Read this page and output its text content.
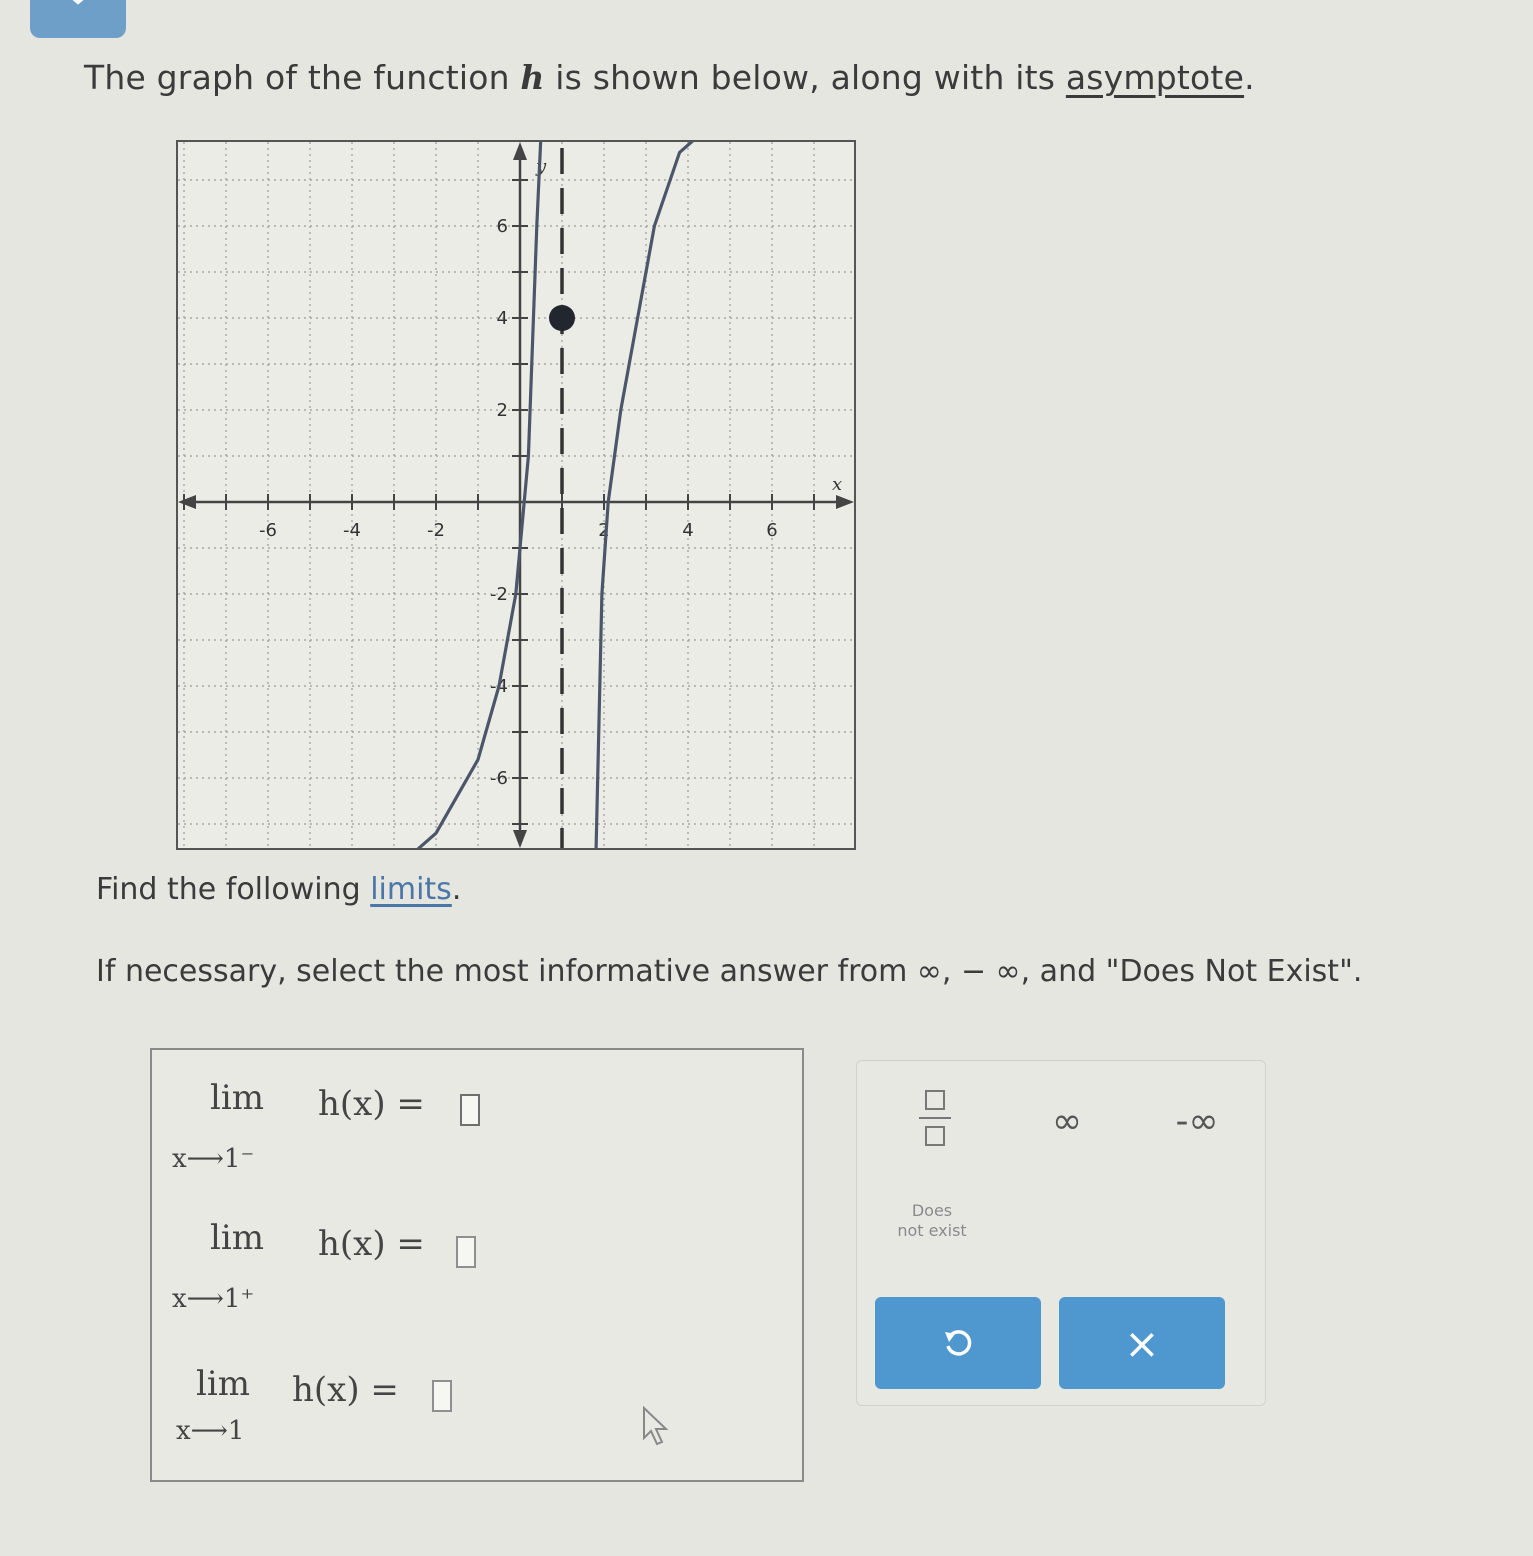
The graph of the function h is shown below, along with its asymptote.
-6	-4	-2	2	4	6
6
4
2
-2
-4
-6
x
y
Find the following limits.
If necessary, select the most informative answer from ∞, − ∞, and "Does Not Exist".
lim
x⟶1⁻
h(x) =
lim
x⟶1⁺
h(x) =
lim
x⟶1
h(x) =
∞	-∞
Does
not exist
×
